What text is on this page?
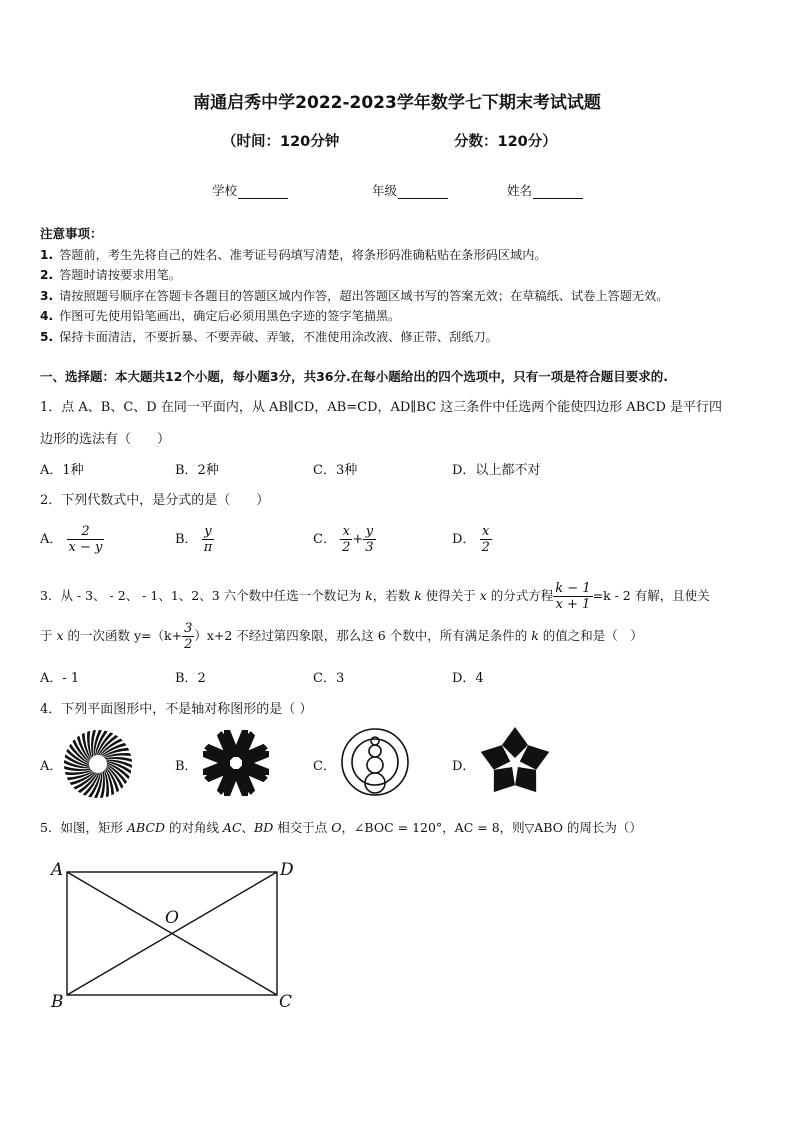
南通启秀中学2022-2023学年数学七下期末考试试题
（时间：120分钟	分数：120分）
学校	年级	姓名
注意事项：
1. 答题前，考生先将自己的姓名、准考证号码填写清楚，将条形码准确粘贴在条形码区域内。
2. 答题时请按要求用笔。
3. 请按照题号顺序在答题卡各题目的答题区域内作答，超出答题区域书写的答案无效；在草稿纸、试卷上答题无效。
4. 作图可先使用铅笔画出，确定后必须用黑色字迹的签字笔描黑。
5. 保持卡面清洁，不要折暴、不要弄破、弄皱，不准使用涂改液、修正带、刮纸刀。
一、选择题：本大题共12个小题，每小题3分，共36分.在每小题给出的四个选项中，只有一项是符合题目要求的.
1．点 A、B、C、D 在同一平面内，从 AB∥CD，AB=CD，AD∥BC 这三条件中任选两个能使四边形 ABCD 是平行四
边形的选法有（　　）
A．1种	B．2种	C．3种	D．以上都不对
2．下列代数式中，是分式的是（　　）
A． $\frac{2}{x - y}$	B． $\frac{y}{\pi}$	C． $\frac{x}{2} + \frac{y}{3}$	D． $\frac{x}{2}$
3．从 - 3、 - 2、 - 1、1、2、3 六个数中任选一个数记为 k，若数 k 使得关于 x 的分式方程 $\frac{k - 1}{x + 1} =k - 2$ 有解，且使关
于 x 的一次函数 $y=(k+ \frac{3}{2} )x+2$ 不经过第四象限，那么这 6 个数中，所有满足条件的 k 的值之和是（　）
A．- 1	B．2	C．3	D．4
4．下列平面图形中，不是轴对称图形的是（ ）
A．	B．	C．	D．
5．如图，矩形 ABCD 的对角线 AC、BD 相交于点 O，∠BOC = 120°，AC = 8，则▽ABO 的周长为（）
A	D
O
B	C
